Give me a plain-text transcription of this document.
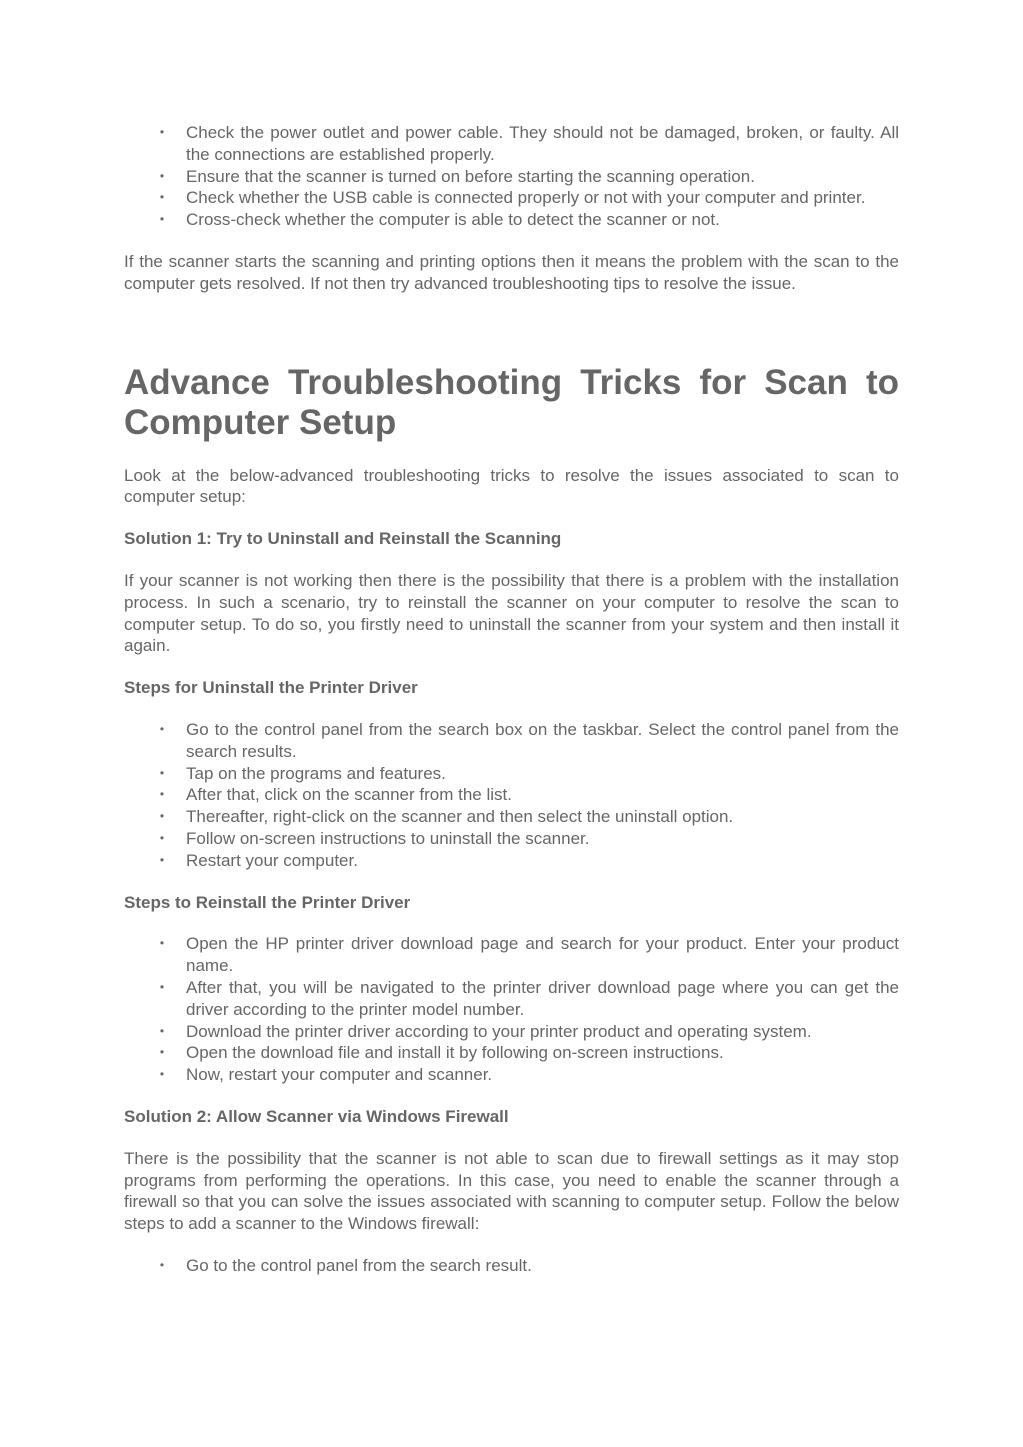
• Check the power outlet and power cable. They should not be damaged, broken, or faulty. All the connections are established properly.
• Ensure that the scanner is turned on before starting the scanning operation.
• Check whether the USB cable is connected properly or not with your computer and printer.
• Cross-check whether the computer is able to detect the scanner or not.

If the scanner starts the scanning and printing options then it means the problem with the scan to the computer gets resolved. If not then try advanced troubleshooting tips to resolve the issue.

Advance Troubleshooting Tricks for Scan to Computer Setup

Look at the below-advanced troubleshooting tricks to resolve the issues associated to scan to computer setup:

Solution 1: Try to Uninstall and Reinstall the Scanning

If your scanner is not working then there is the possibility that there is a problem with the installation process. In such a scenario, try to reinstall the scanner on your computer to resolve the scan to computer setup. To do so, you firstly need to uninstall the scanner from your system and then install it again.

Steps for Uninstall the Printer Driver
• Go to the control panel from the search box on the taskbar. Select the control panel from the search results.
• Tap on the programs and features.
• After that, click on the scanner from the list.
• Thereafter, right-click on the scanner and then select the uninstall option.
• Follow on-screen instructions to uninstall the scanner.
• Restart your computer.
Steps to Reinstall the Printer Driver
• Open the HP printer driver download page and search for your product. Enter your product name.
• After that, you will be navigated to the printer driver download page where you can get the driver according to the printer model number.
• Download the printer driver according to your printer product and operating system.
• Open the download file and install it by following on-screen instructions.
• Now, restart your computer and scanner.
Solution 2: Allow Scanner via Windows Firewall

There is the possibility that the scanner is not able to scan due to firewall settings as it may stop programs from performing the operations. In this case, you need to enable the scanner through a firewall so that you can solve the issues associated with scanning to computer setup. Follow the below steps to add a scanner to the Windows firewall:

• Go to the control panel from the search result.
